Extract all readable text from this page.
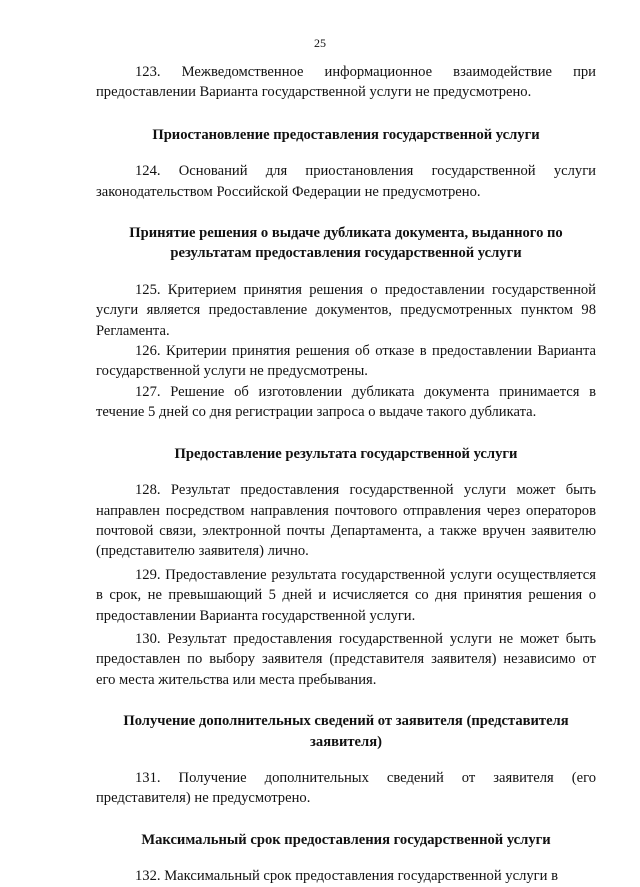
25

123. Межведомственное информационное взаимодействие при предоставлении Варианта государственной услуги не предусмотрено.

Приостановление предоставления государственной услуги

124. Оснований для приостановления государственной услуги законодательством Российской Федерации не предусмотрено.

Принятие решения о выдаче дубликата документа, выданного по результатам предоставления государственной услуги

125. Критерием принятия решения о предоставлении государственной услуги является предоставление документов, предусмотренных пунктом 98 Регламента.

126. Критерии принятия решения об отказе в предоставлении Варианта государственной услуги не предусмотрены.

127. Решение об изготовлении дубликата документа принимается в течение 5 дней со дня регистрации запроса о выдаче такого дубликата.

Предоставление результата государственной услуги

128. Результат предоставления государственной услуги может быть направлен посредством направления почтового отправления через операторов почтовой связи, электронной почты Департамента, а также вручен заявителю (представителю заявителя) лично.

129. Предоставление результата государственной услуги осуществляется в срок, не превышающий 5 дней и исчисляется со дня принятия решения о предоставлении Варианта государственной услуги.

130. Результат предоставления государственной услуги не может быть предоставлен по выбору заявителя (представителя заявителя) независимо от его места жительства или места пребывания.

Получение дополнительных сведений от заявителя (представителя заявителя)

131. Получение дополнительных сведений от заявителя (его представителя) не предусмотрено.

Максимальный срок предоставления государственной услуги

132. Максимальный срок предоставления государственной услуги в
